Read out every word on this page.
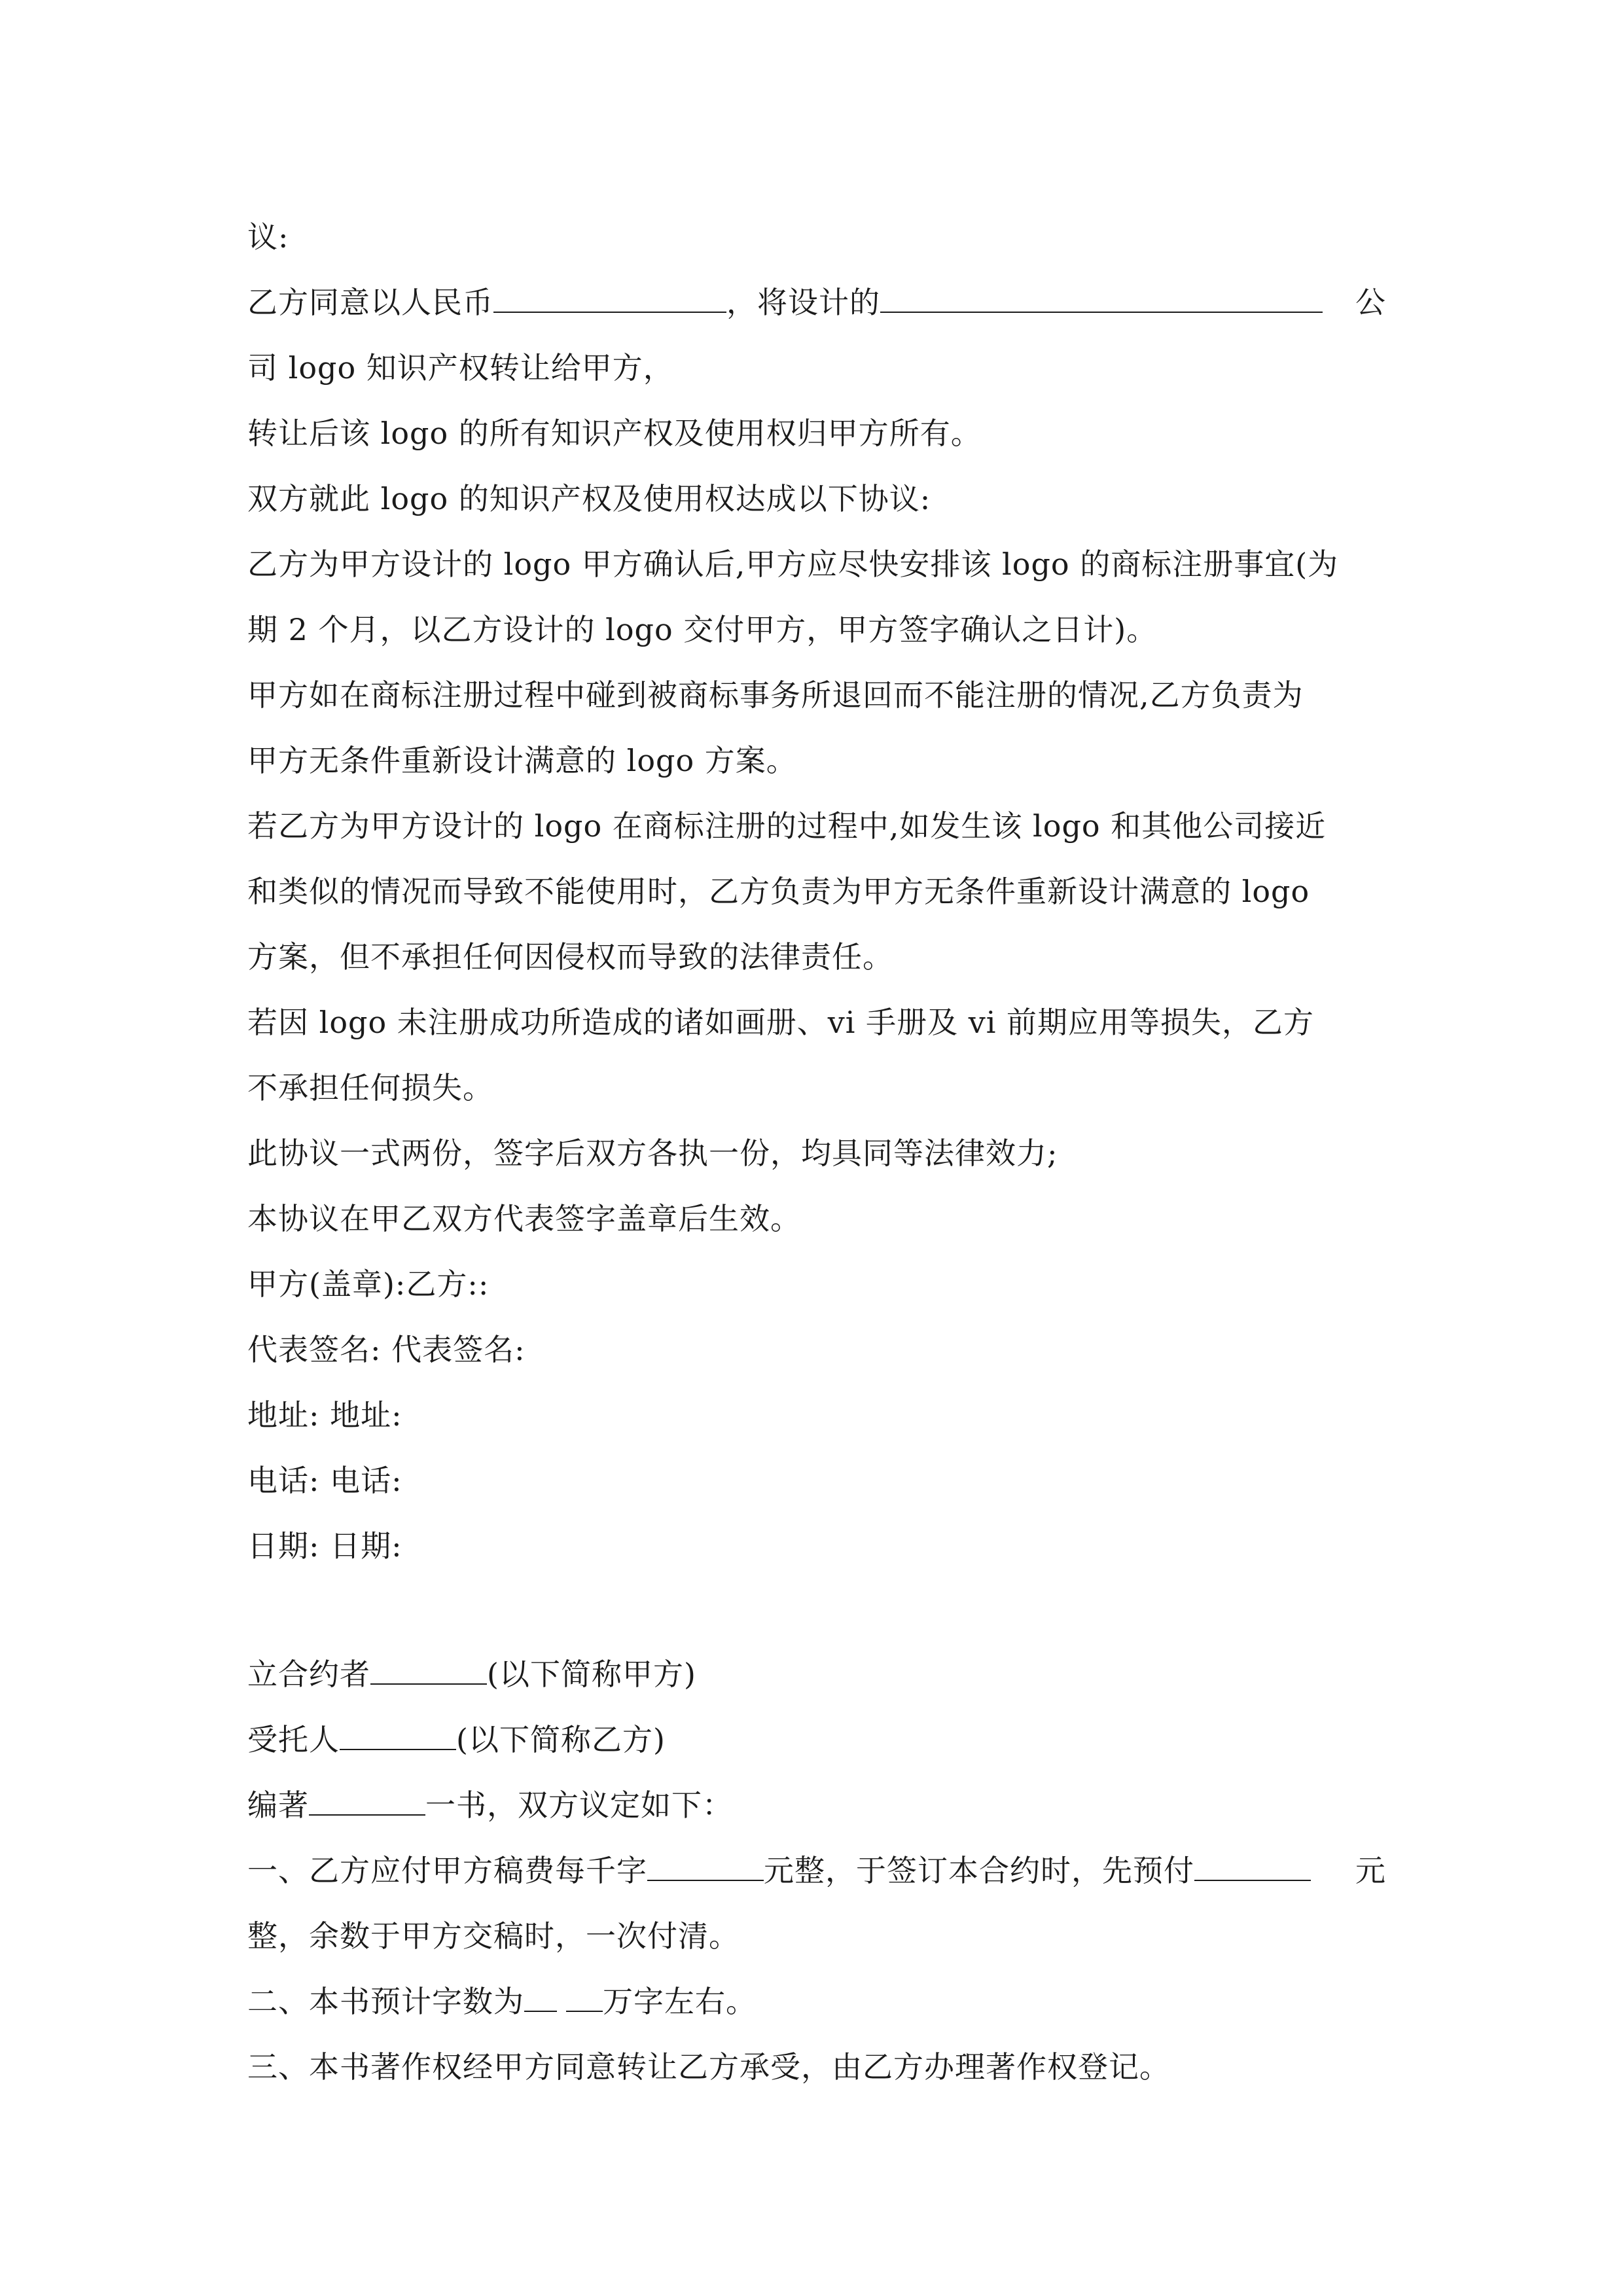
议:
乙方同意以人民币	，将设计的	公
司 logo 知识产权转让给甲方，
转让后该 logo 的所有知识产权及使用权归甲方所有。
双方就此 logo 的知识产权及使用权达成以下协议:
乙方为甲方设计的 logo 甲方确认后,甲方应尽快安排该 logo 的商标注册事宜(为
期 2 个月，以乙方设计的 logo 交付甲方，甲方签字确认之日计)。
甲方如在商标注册过程中碰到被商标事务所退回而不能注册的情况,乙方负责为
甲方无条件重新设计满意的 logo 方案。
若乙方为甲方设计的 logo 在商标注册的过程中,如发生该 logo 和其他公司接近
和类似的情况而导致不能使用时，乙方负责为甲方无条件重新设计满意的 logo
方案，但不承担任何因侵权而导致的法律责任。
若因 logo 未注册成功所造成的诸如画册、vi 手册及 vi 前期应用等损失，乙方
不承担任何损失。
此协议一式两份，签字后双方各执一份，均具同等法律效力;
本协议在甲乙双方代表签字盖章后生效。
甲方(盖章):乙方::
代表签名: 代表签名:
地址: 地址:
电话: 电话:
日期: 日期:
立合约者	(以下简称甲方)
受托人	(以下简称乙方)
编著	一书，双方议定如下：
一、乙方应付甲方稿费每千字	元整，于签订本合约时，先预付	元
整，余数于甲方交稿时，一次付清。
二、本书预计字数为	万字左右。
三、本书著作权经甲方同意转让乙方承受，由乙方办理著作权登记。
